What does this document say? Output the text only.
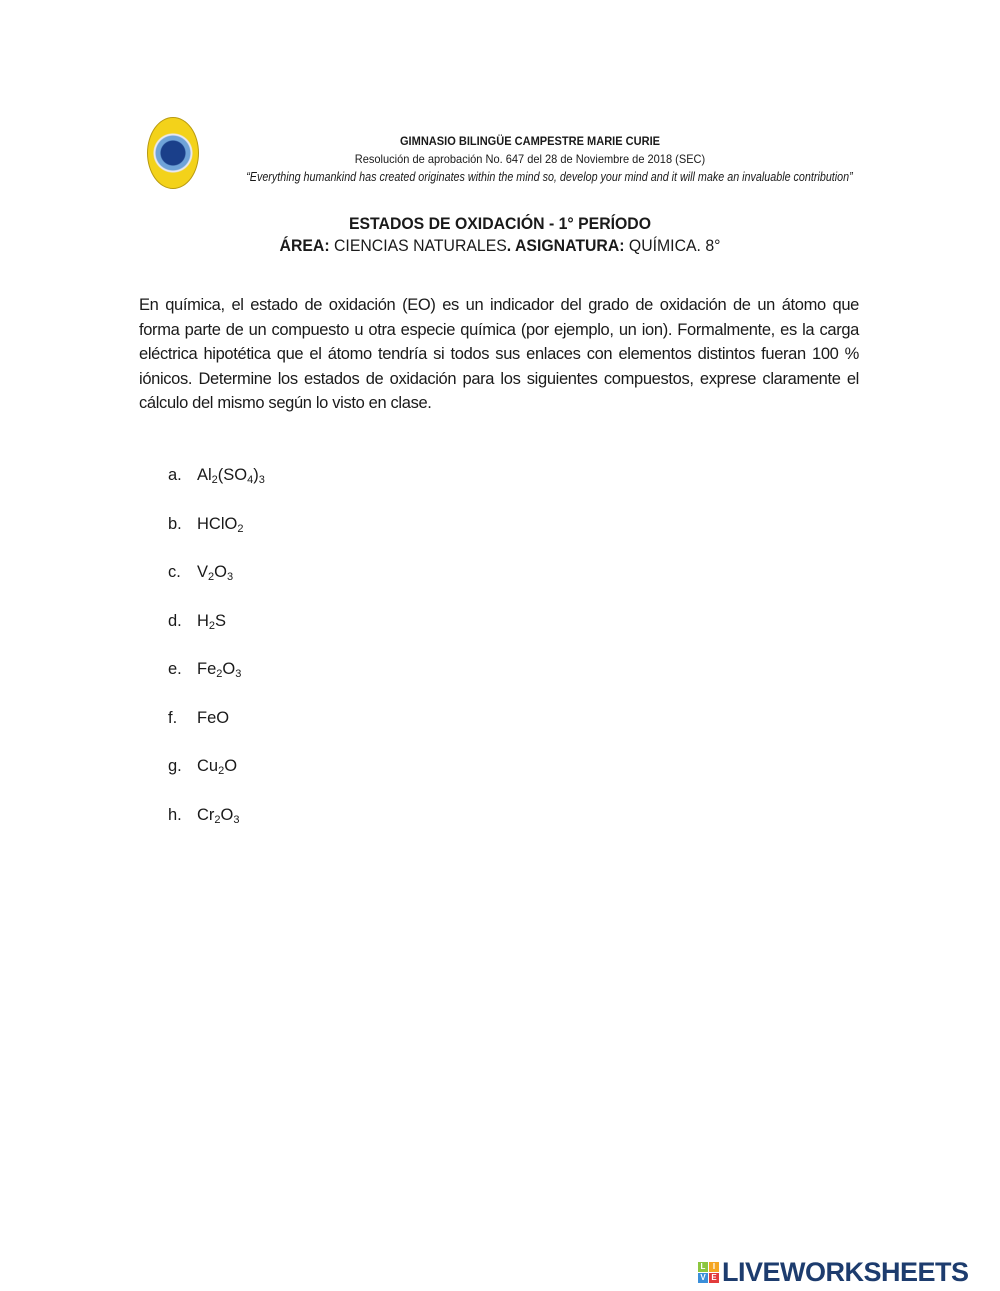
GIMNASIO BILINGÜE CAMPESTRE MARIE CURIE
Resolución de aprobación No. 647 del 28 de Noviembre de 2018 (SEC)
“Everything humankind has created originates within the mind so, develop your mind and it will make an invaluable contribution”
ESTADOS DE OXIDACIÓN - 1° PERÍODO
ÁREA: CIENCIAS NATURALES. ASIGNATURA: QUÍMICA. 8°
En química, el estado de oxidación (EO) es un indicador del grado de oxidación de un átomo que forma parte de un compuesto u otra especie química (por ejemplo, un ion). Formalmente, es la carga eléctrica hipotética que el átomo tendría si todos sus enlaces con elementos distintos fueran 100 % iónicos. Determine los estados de oxidación para los siguientes compuestos, exprese claramente el cálculo del mismo según lo visto en clase.
a. $Al_2(SO_4)_3$
b. HClO$_2$
c. $V_2O_3$
d. $H_2S$
e. $Fe_2O_3$
f.	FeO
g. $Cu_2O$
h. $Cr_2O_3$
L I
V E LIVEWORKSHEETS
